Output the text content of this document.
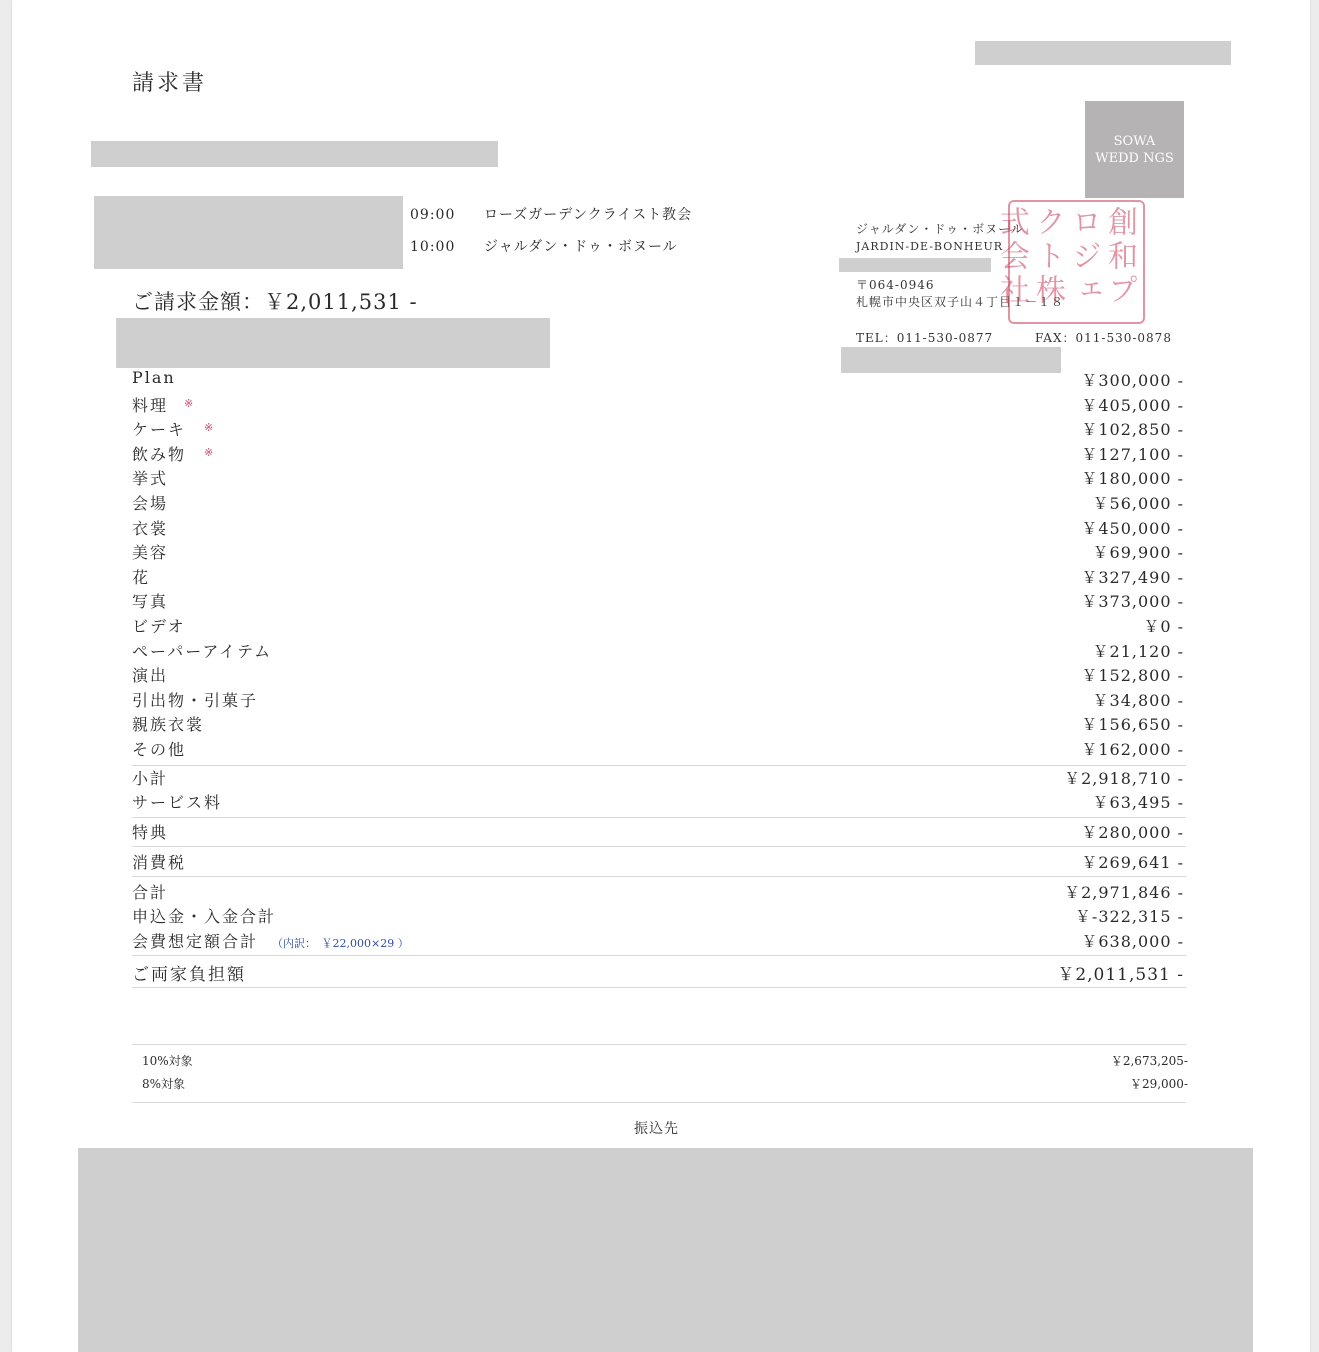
請求書
09:00 ローズガーデンクライスト教会
10:00 ジャルダン・ドゥ・ボヌール
ご請求金額：￥2,011,531 -
SOWA
WEDD NGS
ジャルダン・ドゥ・ボヌール
JARDIN-DE-BONHEUR
〒064-0946
札幌市中央区双子山４丁目１－１８
TEL：011-530-0877	FAX：011-530-0878
創和プロジェクト株式会社
Plan	￥300,000 -
料理 ※	￥405,000 -
ケーキ ※	￥102,850 -
飲み物 ※	￥127,100 -
挙式	￥180,000 -
会場	￥56,000 -
衣裳	￥450,000 -
美容	￥69,900 -
花	￥327,490 -
写真	￥373,000 -
ビデオ	￥0 -
ペーパーアイテム	￥21,120 -
演出	￥152,800 -
引出物・引菓子	￥34,800 -
親族衣裳	￥156,650 -
その他	￥162,000 -
小計	￥2,918,710 -
サービス料	￥63,495 -
特典	￥280,000 -
消費税	￥269,641 -
合計	￥2,971,846 -
申込金・入金合計	￥-322,315 -
会費想定額合計 （内訳：　￥22,000×29 ）	￥638,000 -
ご両家負担額	￥2,011,531 -
10%対象	￥2,673,205-
8%対象	￥29,000-
振込先
